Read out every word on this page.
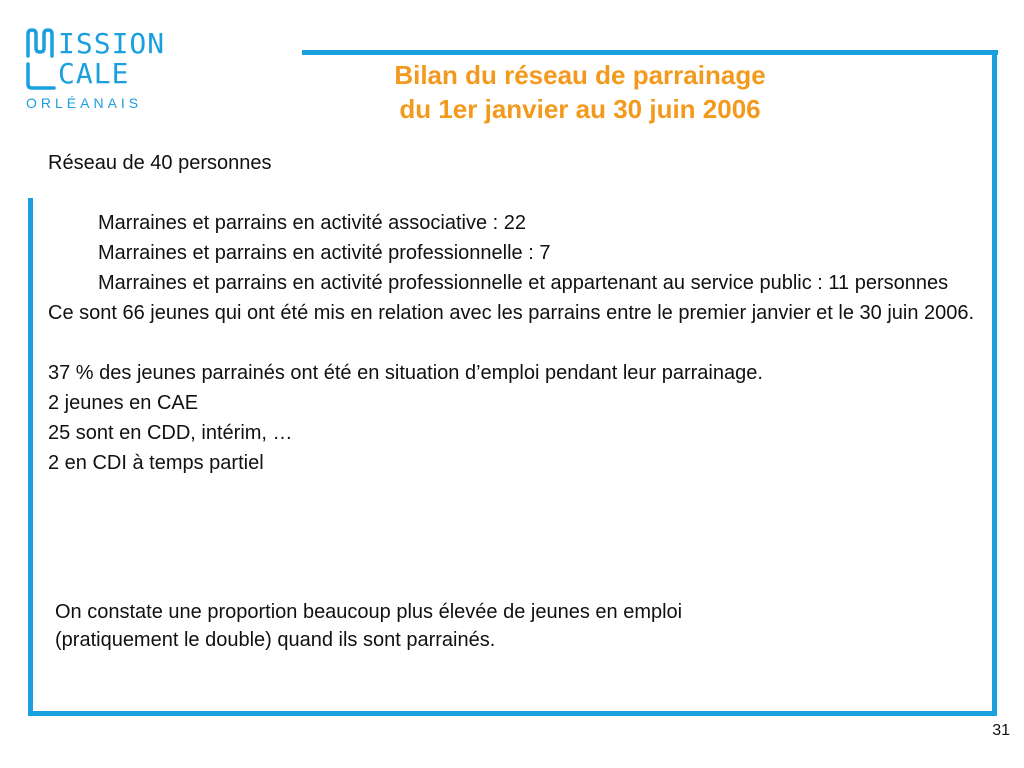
ISSION
CALE
ORLÉANAIS
Bilan du réseau de parrainage
du 1er janvier au 30 juin 2006

Réseau de 40 personnes

Marraines et parrains en activité associative : 22

Marraines et parrains en activité professionnelle : 7

Marraines et parrains en activité professionnelle et appartenant au service public : 11 personnes

Ce sont 66 jeunes qui ont été mis en relation avec les parrains entre le premier janvier et le 30 juin 2006.

37 % des jeunes parrainés ont été en situation d’emploi pendant leur parrainage.

2 jeunes en CAE

25 sont en CDD, intérim, …

2 en CDI à temps partiel

On constate une proportion beaucoup plus élevée de jeunes en emploi (pratiquement le double) quand ils sont parrainés.
31
